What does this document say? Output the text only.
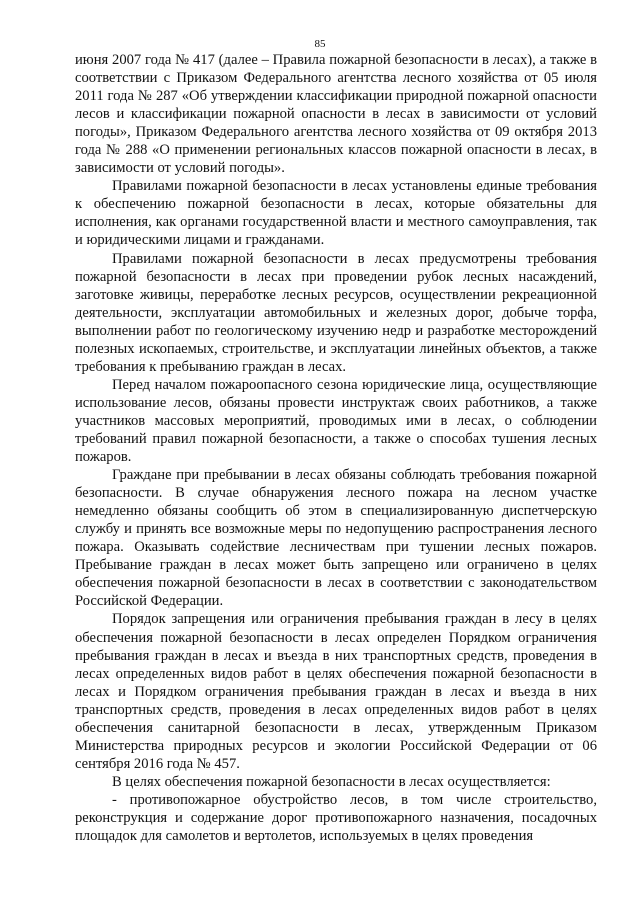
85

июня 2007 года № 417 (далее – Правила пожарной безопасности в лесах), а также в соответствии с Приказом Федерального агентства лесного хозяйства от 05 июля 2011 года № 287 «Об утверждении классификации природной пожарной опасности лесов и классификации пожарной опасности в лесах в зависимости от условий погоды», Приказом Федерального агентства лесного хозяйства от 09 октября 2013 года № 288 «О применении региональных классов пожарной опасности в лесах, в зависимости от условий погоды».

Правилами пожарной безопасности в лесах установлены единые требования к обеспечению пожарной безопасности в лесах, которые обязательны для исполнения, как органами государственной власти и местного самоуправления, так и юридическими лицами и гражданами.

Правилами пожарной безопасности в лесах предусмотрены требования пожарной безопасности в лесах при проведении рубок лесных насаждений, заготовке живицы, переработке лесных ресурсов, осуществлении рекреационной деятельности, эксплуатации автомобильных и железных дорог, добыче торфа, выполнении работ по геологическому изучению недр и разработке месторождений полезных ископаемых, строительстве, и эксплуатации линейных объектов, а также требования к пребыванию граждан в лесах.

Перед началом пожароопасного сезона юридические лица, осуществляющие использование лесов, обязаны провести инструктаж своих работников, а также участников массовых мероприятий, проводимых ими в лесах, о соблюдении требований правил пожарной безопасности, а также о способах тушения лесных пожаров.

Граждане при пребывании в лесах обязаны соблюдать требования пожарной безопасности. В случае обнаружения лесного пожара на лесном участке немедленно обязаны сообщить об этом в специализированную диспетчерскую службу и принять все возможные меры по недопущению распространения лесного пожара. Оказывать содействие лесничествам при тушении лесных пожаров. Пребывание граждан в лесах может быть запрещено или ограничено в целях обеспечения пожарной безопасности в лесах в соответствии с законодательством Российской Федерации.

Порядок запрещения или ограничения пребывания граждан в лесу в целях обеспечения пожарной безопасности в лесах определен Порядком ограничения пребывания граждан в лесах и въезда в них транспортных средств, проведения в лесах определенных видов работ в целях обеспечения пожарной безопасности в лесах и Порядком ограничения пребывания граждан в лесах и въезда в них транспортных средств, проведения в лесах определенных видов работ в целях обеспечения санитарной безопасности в лесах, утвержденным Приказом Министерства природных ресурсов и экологии Российской Федерации от 06 сентября 2016 года № 457.

В целях обеспечения пожарной безопасности в лесах осуществляется:

- противопожарное обустройство лесов, в том числе строительство, реконструкция и содержание дорог противопожарного назначения, посадочных площадок для самолетов и вертолетов, используемых в целях проведения
